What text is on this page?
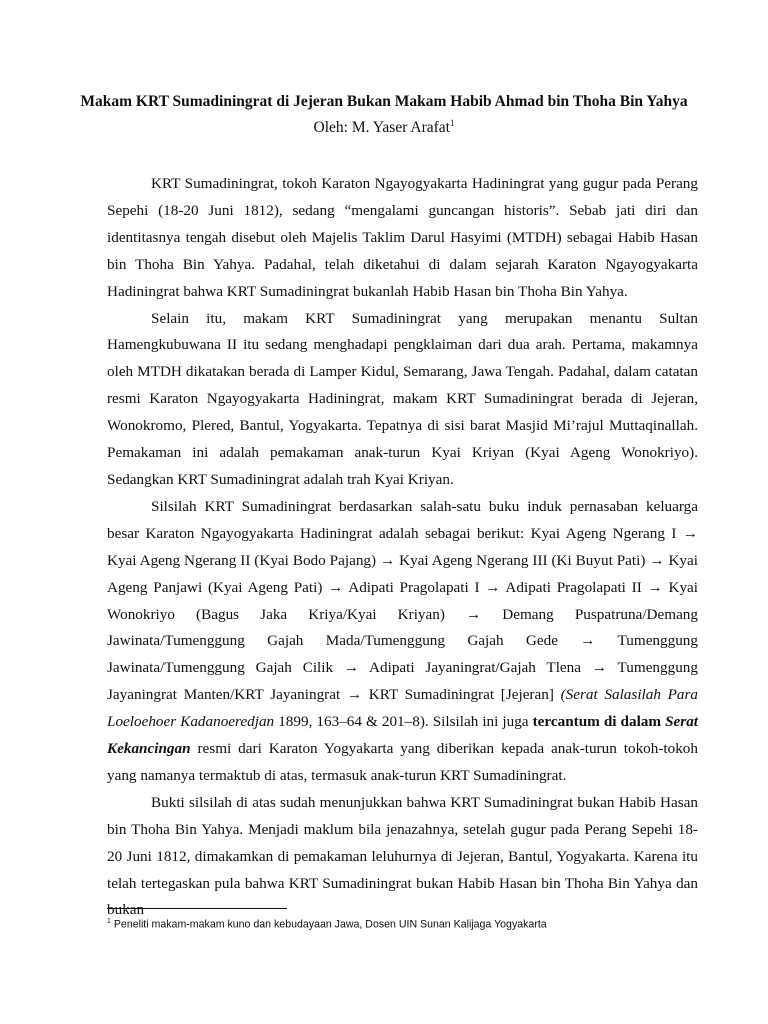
Makam KRT Sumadiningrat di Jejeran Bukan Makam Habib Ahmad bin Thoha Bin Yahya
Oleh: M. Yaser Arafat$^1$

KRT Sumadiningrat, tokoh Karaton Ngayogyakarta Hadiningrat yang gugur pada Perang Sepehi (18-20 Juni 1812), sedang “mengalami guncangan historis”. Sebab jati diri dan identitasnya tengah disebut oleh Majelis Taklim Darul Hasyimi (MTDH) sebagai Habib Hasan bin Thoha Bin Yahya. Padahal, telah diketahui di dalam sejarah Karaton Ngayogyakarta Hadiningrat bahwa KRT Sumadiningrat bukanlah Habib Hasan bin Thoha Bin Yahya.

Selain itu, makam KRT Sumadiningrat yang merupakan menantu Sultan Hamengkubuwana II itu sedang menghadapi pengklaiman dari dua arah. Pertama, makamnya oleh MTDH dikatakan berada di Lamper Kidul, Semarang, Jawa Tengah. Padahal, dalam catatan resmi Karaton Ngayogyakarta Hadiningrat, makam KRT Sumadiningrat berada di Jejeran, Wonokromo, Plered, Bantul, Yogyakarta. Tepatnya di sisi barat Masjid Mi’rajul Muttaqinallah. Pemakaman ini adalah pemakaman anak-turun Kyai Kriyan (Kyai Ageng Wonokriyo). Sedangkan KRT Sumadiningrat adalah trah Kyai Kriyan.

Silsilah KRT Sumadiningrat berdasarkan salah-satu buku induk pernasaban keluarga besar Karaton Ngayogyakarta Hadiningrat adalah sebagai berikut: Kyai Ageng Ngerang I → Kyai Ageng Ngerang II (Kyai Bodo Pajang) → Kyai Ageng Ngerang III (Ki Buyut Pati) → Kyai Ageng Panjawi (Kyai Ageng Pati) → Adipati Pragolapati I → Adipati Pragolapati II → Kyai Wonokriyo (Bagus Jaka Kriya/Kyai Kriyan) → Demang Puspatruna/Demang Jawinata/Tumenggung Gajah Mada/Tumenggung Gajah Gede → Tumenggung Jawinata/Tumenggung Gajah Cilik → Adipati Jayaningrat/Gajah Tlena → Tumenggung Jayaningrat Manten/KRT Jayaningrat → KRT Sumadiningrat [Jejeran] (Serat Salasilah Para Loeloehoer Kadanoeredjan 1899, 163–64 & 201–8). Silsilah ini juga tercantum di dalam Serat Kekancingan resmi dari Karaton Yogyakarta yang diberikan kepada anak-turun tokoh-tokoh yang namanya termaktub di atas, termasuk anak-turun KRT Sumadiningrat.

Bukti silsilah di atas sudah menunjukkan bahwa KRT Sumadiningrat bukan Habib Hasan bin Thoha Bin Yahya. Menjadi maklum bila jenazahnya, setelah gugur pada Perang Sepehi 18-20 Juni 1812, dimakamkan di pemakaman leluhurnya di Jejeran, Bantul, Yogyakarta. Karena itu telah tertegaskan pula bahwa KRT Sumadiningrat bukan Habib Hasan bin Thoha Bin Yahya dan bukan

$^1$ Peneliti makam-makam kuno dan kebudayaan Jawa, Dosen UIN Sunan Kalijaga Yogyakarta
